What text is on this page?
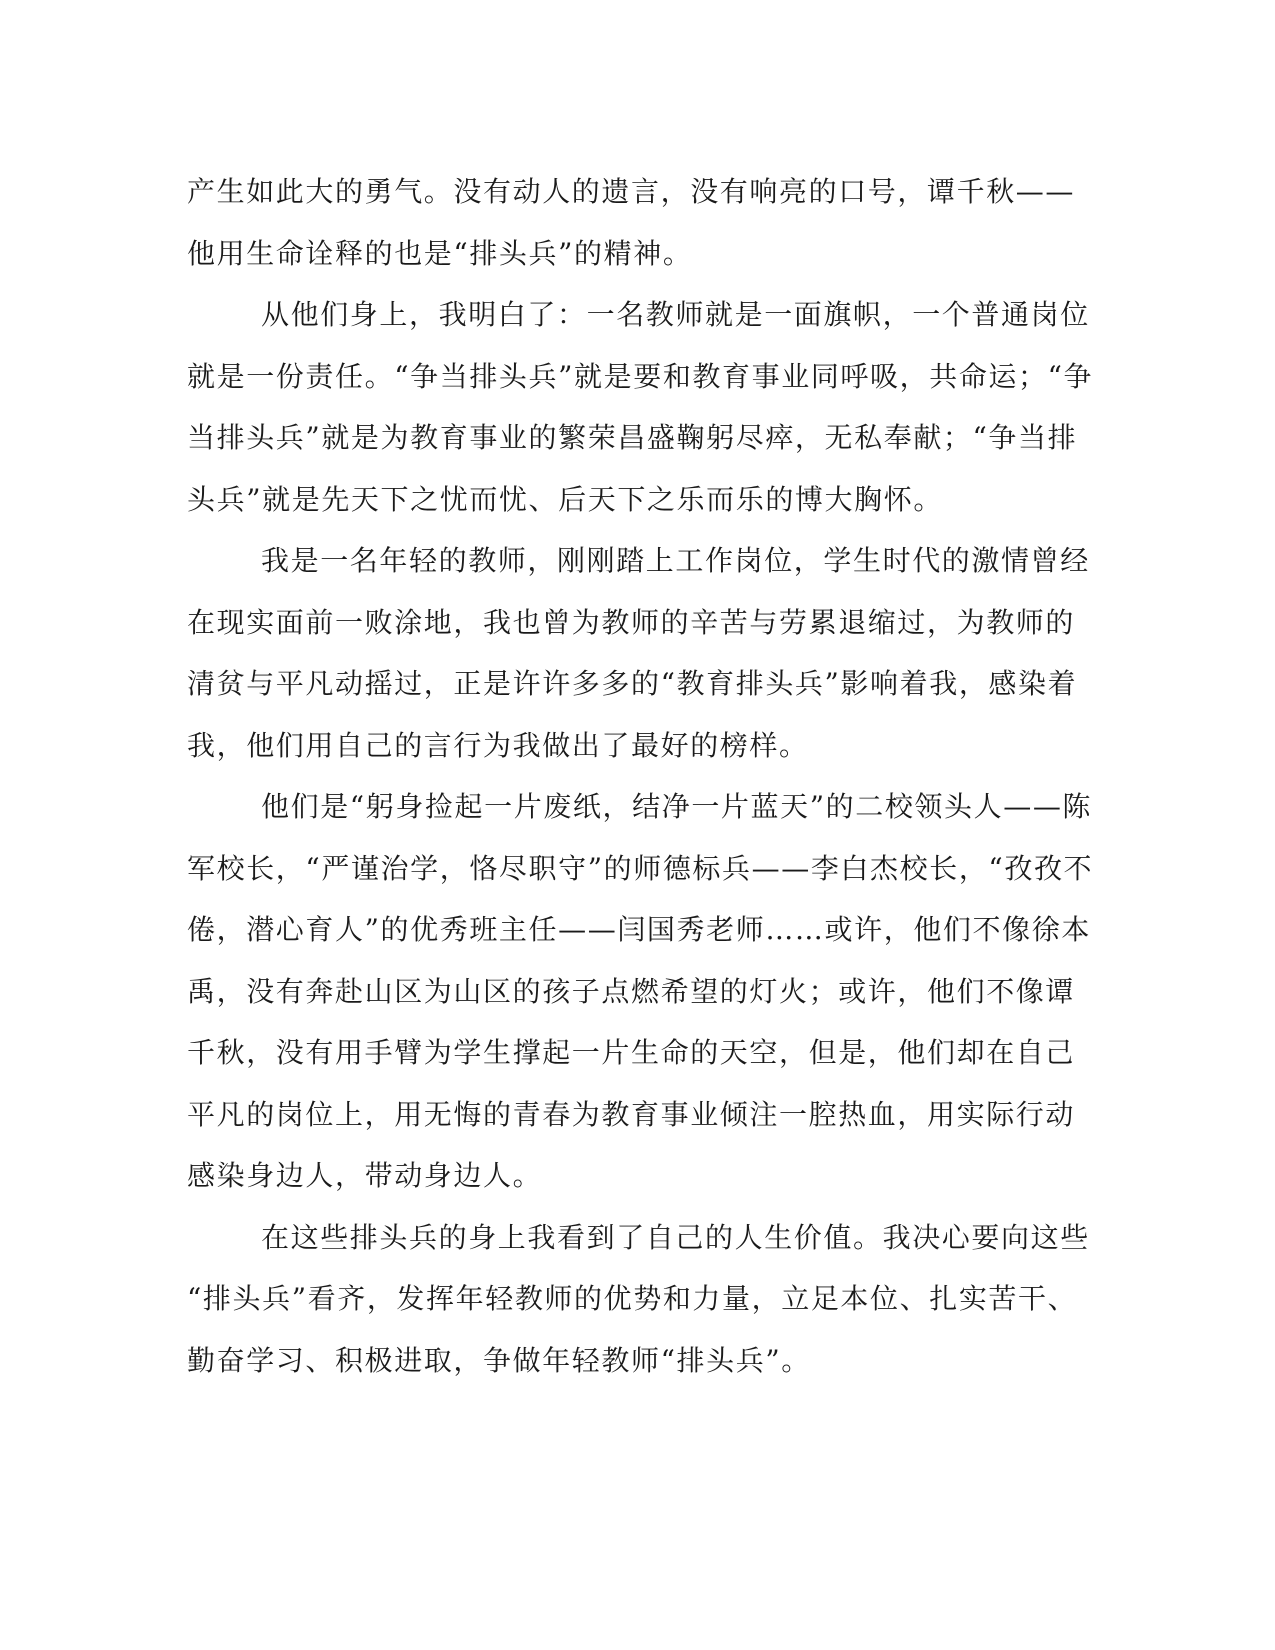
产生如此大的勇气。没有动人的遗言，没有响亮的口号，谭千秋——
他用生命诠释的也是“排头兵”的精神。

从他们身上，我明白了：一名教师就是一面旗帜，一个普通岗位
就是一份责任。“争当排头兵”就是要和教育事业同呼吸，共命运；“争
当排头兵”就是为教育事业的繁荣昌盛鞠躬尽瘁，无私奉献；“争当排
头兵”就是先天下之忧而忧、后天下之乐而乐的博大胸怀。

我是一名年轻的教师，刚刚踏上工作岗位，学生时代的激情曾经
在现实面前一败涂地，我也曾为教师的辛苦与劳累退缩过，为教师的
清贫与平凡动摇过，正是许许多多的“教育排头兵”影响着我，感染着
我，他们用自己的言行为我做出了最好的榜样。

他们是“躬身捡起一片废纸，结净一片蓝天”的二校领头人——陈
军校长，“严谨治学，恪尽职守”的师德标兵——李白杰校长，“孜孜不
倦，潜心育人”的优秀班主任——闫国秀老师……或许，他们不像徐本
禹，没有奔赴山区为山区的孩子点燃希望的灯火；或许，他们不像谭
千秋，没有用手臂为学生撑起一片生命的天空，但是，他们却在自己
平凡的岗位上，用无悔的青春为教育事业倾注一腔热血，用实际行动
感染身边人，带动身边人。

在这些排头兵的身上我看到了自己的人生价值。我决心要向这些
“排头兵”看齐，发挥年轻教师的优势和力量，立足本位、扎实苦干、
勤奋学习、积极进取，争做年轻教师“排头兵”。
